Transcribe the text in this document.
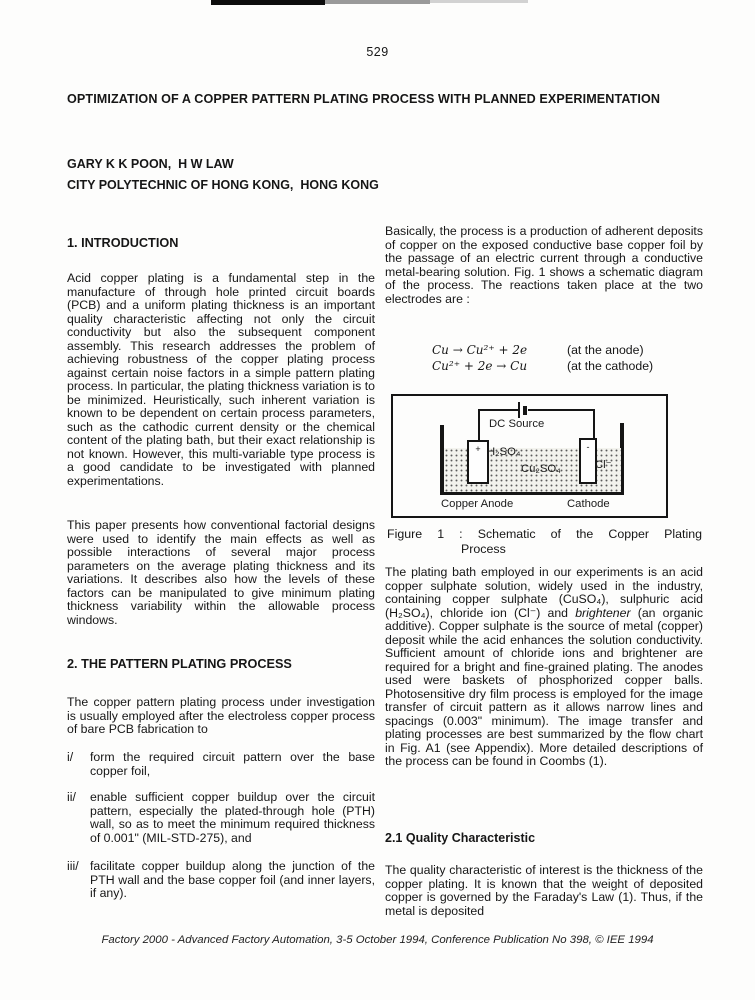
529
OPTIMIZATION OF A COPPER PATTERN PLATING PROCESS WITH PLANNED EXPERIMENTATION
GARY K K POON,  H W LAW
CITY POLYTECHNIC OF HONG KONG,  HONG KONG
1. INTRODUCTION
Acid copper plating is a fundamental step in the manufacture of through hole printed circuit boards (PCB) and a uniform plating thickness is an important quality characteristic affecting not only the circuit conductivity but also the subsequent component assembly. This research addresses the problem of achieving robustness of the copper plating process against certain noise factors in a simple pattern plating process. In particular, the plating thickness variation is to be minimized. Heuristically, such inherent variation is known to be dependent on certain process parameters, such as the cathodic current density or the chemical content of the plating bath, but their exact relationship is not known. However, this multi-variable type process is a good candidate to be investigated with planned experimentations.
This paper presents how conventional factorial designs were used to identify the main effects as well as possible interactions of several major process parameters on the average plating thickness and its variations. It describes also how the levels of these factors can be manipulated to give minimum plating thickness variability within the allowable process windows.
2. THE PATTERN PLATING PROCESS
The copper pattern plating process under investigation is usually employed after the electroless copper process of bare PCB fabrication to
i/	form the required circuit pattern over the base copper foil,
ii/	enable sufficient copper buildup over the circuit pattern, especially the plated-through hole (PTH) wall, so as to meet the minimum required thickness of 0.001" (MIL-STD-275), and
iii/ facilitate copper buildup along the junction of the PTH wall and the base copper foil (and inner layers, if any).
Basically, the process is a production of adherent deposits of copper on the exposed conductive base copper foil by the passage of an electric current through a conductive metal-bearing solution. Fig. 1 shows a schematic diagram of the process. The reactions taken place at the two electrodes are :
Cu → Cu²⁺ + 2e	(at the anode)
Cu²⁺ + 2e → Cu	(at the cathode)
DC Source
+	-
H₂SO₄
Cu₂SO₄	Cl⁻
Copper Anode	Cathode
Figure 1 : Schematic of the Copper Plating
Process
The plating bath employed in our experiments is an acid copper sulphate solution, widely used in the industry, containing copper sulphate (CuSO₄), sulphuric acid (H₂SO₄), chloride ion (Cl⁻) and brightener (an organic additive). Copper sulphate is the source of metal (copper) deposit while the acid enhances the solution conductivity. Sufficient amount of chloride ions and brightener are required for a bright and fine-grained plating. The anodes used were baskets of phosphorized copper balls. Photosensitive dry film process is employed for the image transfer of circuit pattern as it allows narrow lines and spacings (0.003" minimum). The image transfer and plating processes are best summarized by the flow chart in Fig. A1 (see Appendix). More detailed descriptions of the process can be found in Coombs (1).
2.1 Quality Characteristic
The quality characteristic of interest is the thickness of the copper plating. It is known that the weight of deposited copper is governed by the Faraday's Law (1). Thus, if the metal is deposited
Factory 2000 - Advanced Factory Automation, 3-5 October 1994, Conference Publication No 398, © IEE 1994
